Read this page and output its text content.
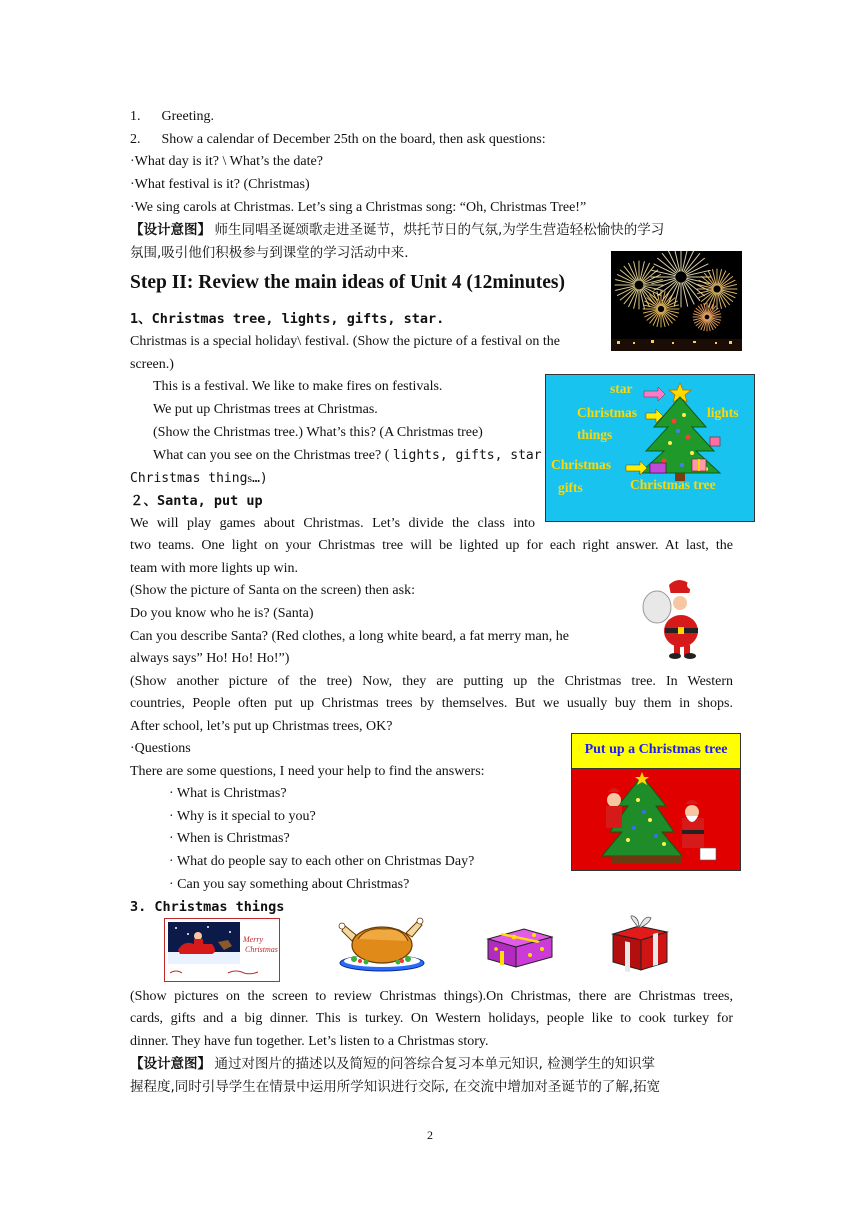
1. Greeting.
2. Show a calendar of December 25th on the board, then ask questions:
·What day is it? \ What’s the date?
·What festival is it? (Christmas)
·We sing carols at Christmas. Let’s sing a Christmas song: “Oh, Christmas Tree!”
【设计意图】 师生同唱圣诞颂歌走进圣诞节，烘托节日的气氛,为学生营造轻松愉快的学习
氛围,吸引他们积极参与到课堂的学习活动中来.
Step II: Review the main ideas of Unit 4 (12minutes)
1、Christmas tree, lights, gifts, star.
Christmas is a special holiday\ festival. (Show the picture of a festival on the
screen.)
This is a festival. We like to make fires on festivals.
We put up Christmas trees at Christmas.
(Show the Christmas tree.) What’s this? (A Christmas tree)
What can you see on the Christmas tree? ( lights, gifts, star
Christmas things…)
star
Christmas
things
lights
Christmas
gifts	Christmas tree
２、Santa, put up
We will play games about Christmas. Let’s divide the class into
two teams. One light on your Christmas tree will be lighted up for each right answer. At last, the
team with more lights up win.
(Show the picture of Santa on the screen) then ask:
Do you know who he is? (Santa)
Can you describe Santa? (Red clothes, a long white beard, a fat merry man, he
always says” Ho! Ho! Ho!”)
(Show another picture of the tree) Now, they are putting up the Christmas tree. In Western
countries, People often put up Christmas trees by themselves. But we usually buy them in shops.
After school, let’s put up Christmas trees, OK?
Put up a Christmas tree
·Questions
There are some questions, I need your help to find the answers:
· What is Christmas?
· Why is it special to you?
· When is Christmas?
· What do people say to each other on Christmas Day?
· Can you say something about Christmas?
3. Christmas things
Merry
Christmas
(Show pictures on the screen to review Christmas things).On Christmas, there are Christmas trees,
cards, gifts and a big dinner. This is turkey. On Western holidays, people like to cook turkey for
dinner. They have fun together. Let’s listen to a Christmas story.
【设计意图】 通过对图片的描述以及简短的问答综合复习本单元知识, 检测学生的知识掌
握程度,同时引导学生在情景中运用所学知识进行交际, 在交流中增加对圣诞节的了解,拓宽
2
